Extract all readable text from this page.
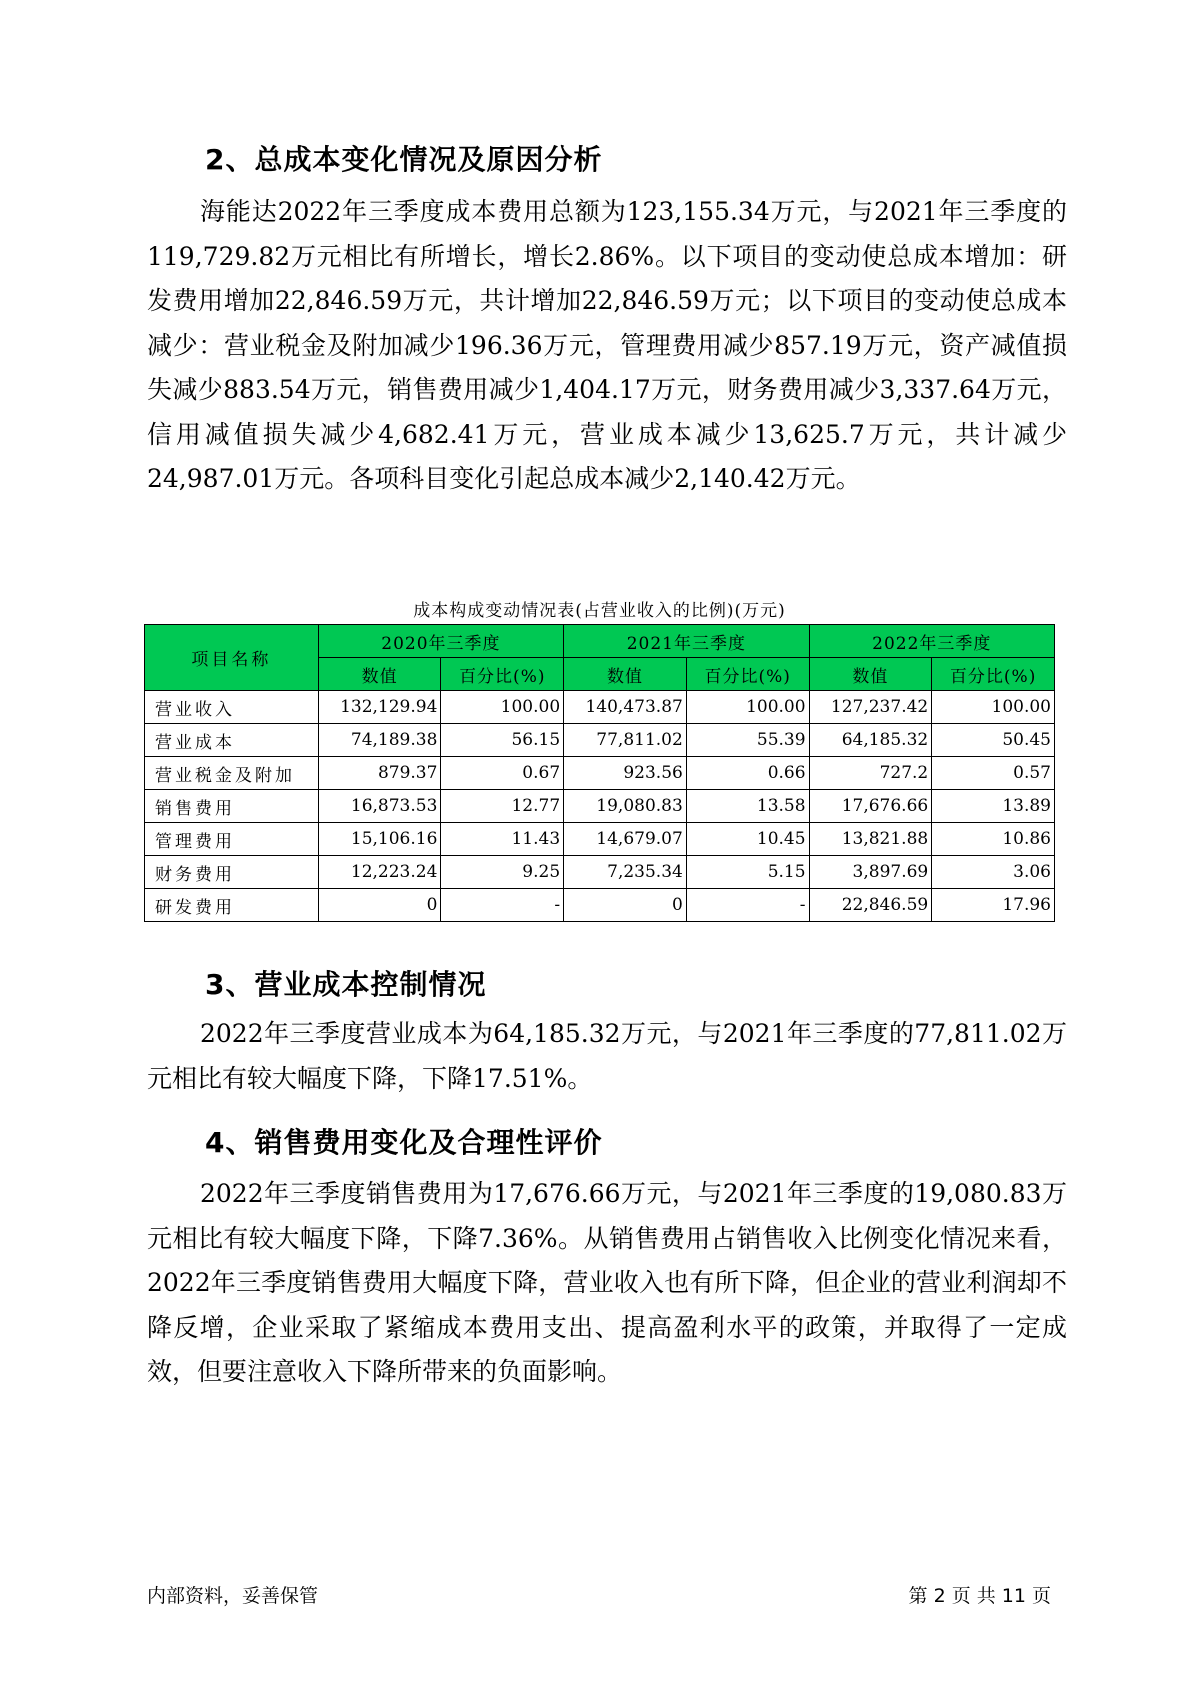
2、总成本变化情况及原因分析

海能达2022年三季度成本费用总额为123,155.34万元，与2021年三季度的119,729.82万元相比有所增长，增长2.86%。以下项目的变动使总成本增加：研发费用增加22,846.59万元，共计增加22,846.59万元；以下项目的变动使总成本减少：营业税金及附加减少196.36万元，管理费用减少857.19万元，资产减值损失减少883.54万元，销售费用减少1,404.17万元，财务费用减少3,337.64万元，信用减值损失减少4,682.41万元，营业成本减少13,625.7万元，共计减少24,987.01万元。各项科目变化引起总成本减少2,140.42万元。

成本构成变动情况表(占营业收入的比例)(万元)
项目名称	2020年三季度		2021年三季度		2022年三季度	
	数值	百分比(%)	数值	百分比(%)	数值	百分比(%)
营业收入	132,129.94	100.00	140,473.87	100.00	127,237.42	100.00
营业成本	74,189.38	56.15	77,811.02	55.39	64,185.32	50.45
营业税金及附加	879.37	0.67	923.56	0.66	727.2	0.57
销售费用	16,873.53	12.77	19,080.83	13.58	17,676.66	13.89
管理费用	15,106.16	11.43	14,679.07	10.45	13,821.88	10.86
财务费用	12,223.24	9.25	7,235.34	5.15	3,897.69	3.06
研发费用	0	-	0	-	22,846.59	17.96
3、营业成本控制情况

2022年三季度营业成本为64,185.32万元，与2021年三季度的77,811.02万元相比有较大幅度下降，下降17.51%。

4、销售费用变化及合理性评价

2022年三季度销售费用为17,676.66万元，与2021年三季度的19,080.83万元相比有较大幅度下降，下降7.36%。从销售费用占销售收入比例变化情况来看，2022年三季度销售费用大幅度下降，营业收入也有所下降，但企业的营业利润却不降反增，企业采取了紧缩成本费用支出、提高盈利水平的政策，并取得了一定成效，但要注意收入下降所带来的负面影响。

内部资料，妥善保管	第 2 页 共 11 页
